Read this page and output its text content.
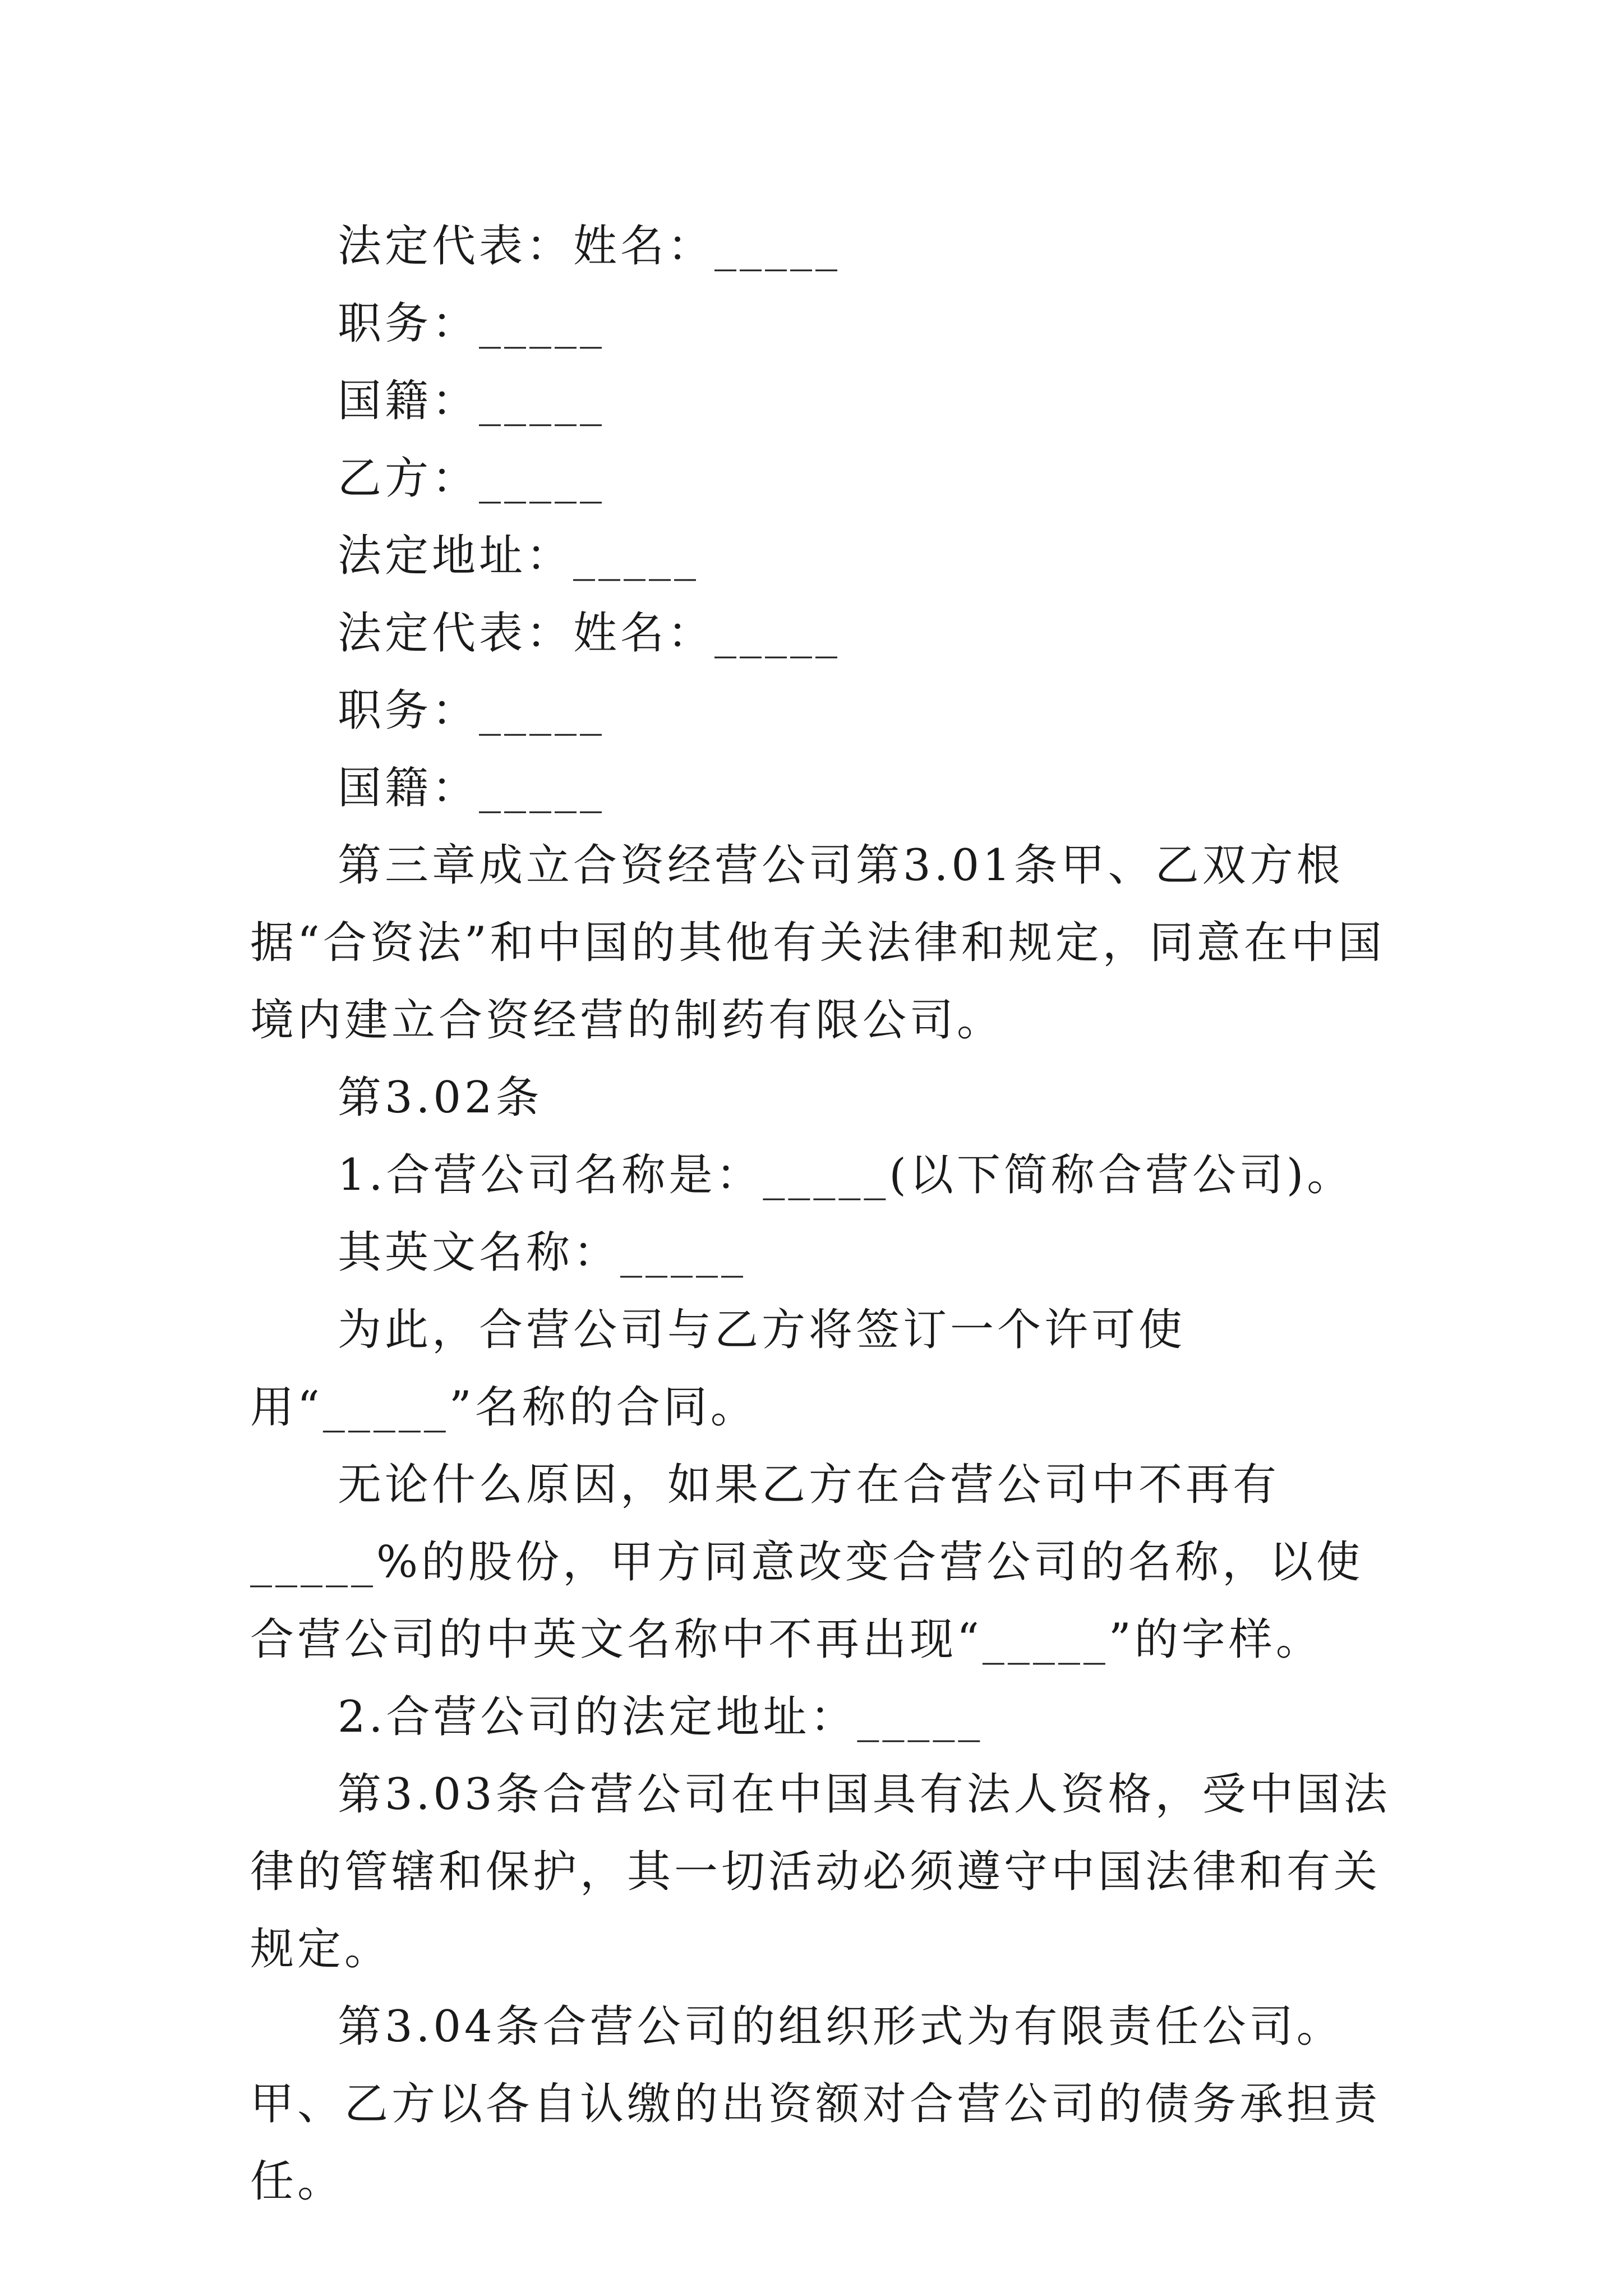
法定代表：姓名：_____

职务：_____

国籍：_____

乙方：_____

法定地址：_____

法定代表：姓名：_____

职务：_____

国籍：_____

第三章成立合资经营公司第3.01条甲、乙双方根据“合资法”和中国的其他有关法律和规定，同意在中国境内建立合资经营的制药有限公司。

第3.02条

1.合营公司名称是：_____(以下简称合营公司)。

其英文名称：_____

为此，合营公司与乙方将签订一个许可使用“_____”名称的合同。

无论什么原因，如果乙方在合营公司中不再有_____%的股份，甲方同意改变合营公司的名称，以使合营公司的中英文名称中不再出现“_____”的字样。

2.合营公司的法定地址：_____

第3.03条合营公司在中国具有法人资格，受中国法律的管辖和保护，其一切活动必须遵守中国法律和有关规定。

第3.04条合营公司的组织形式为有限责任公司。甲、乙方以各自认缴的出资额对合营公司的债务承担责任。
